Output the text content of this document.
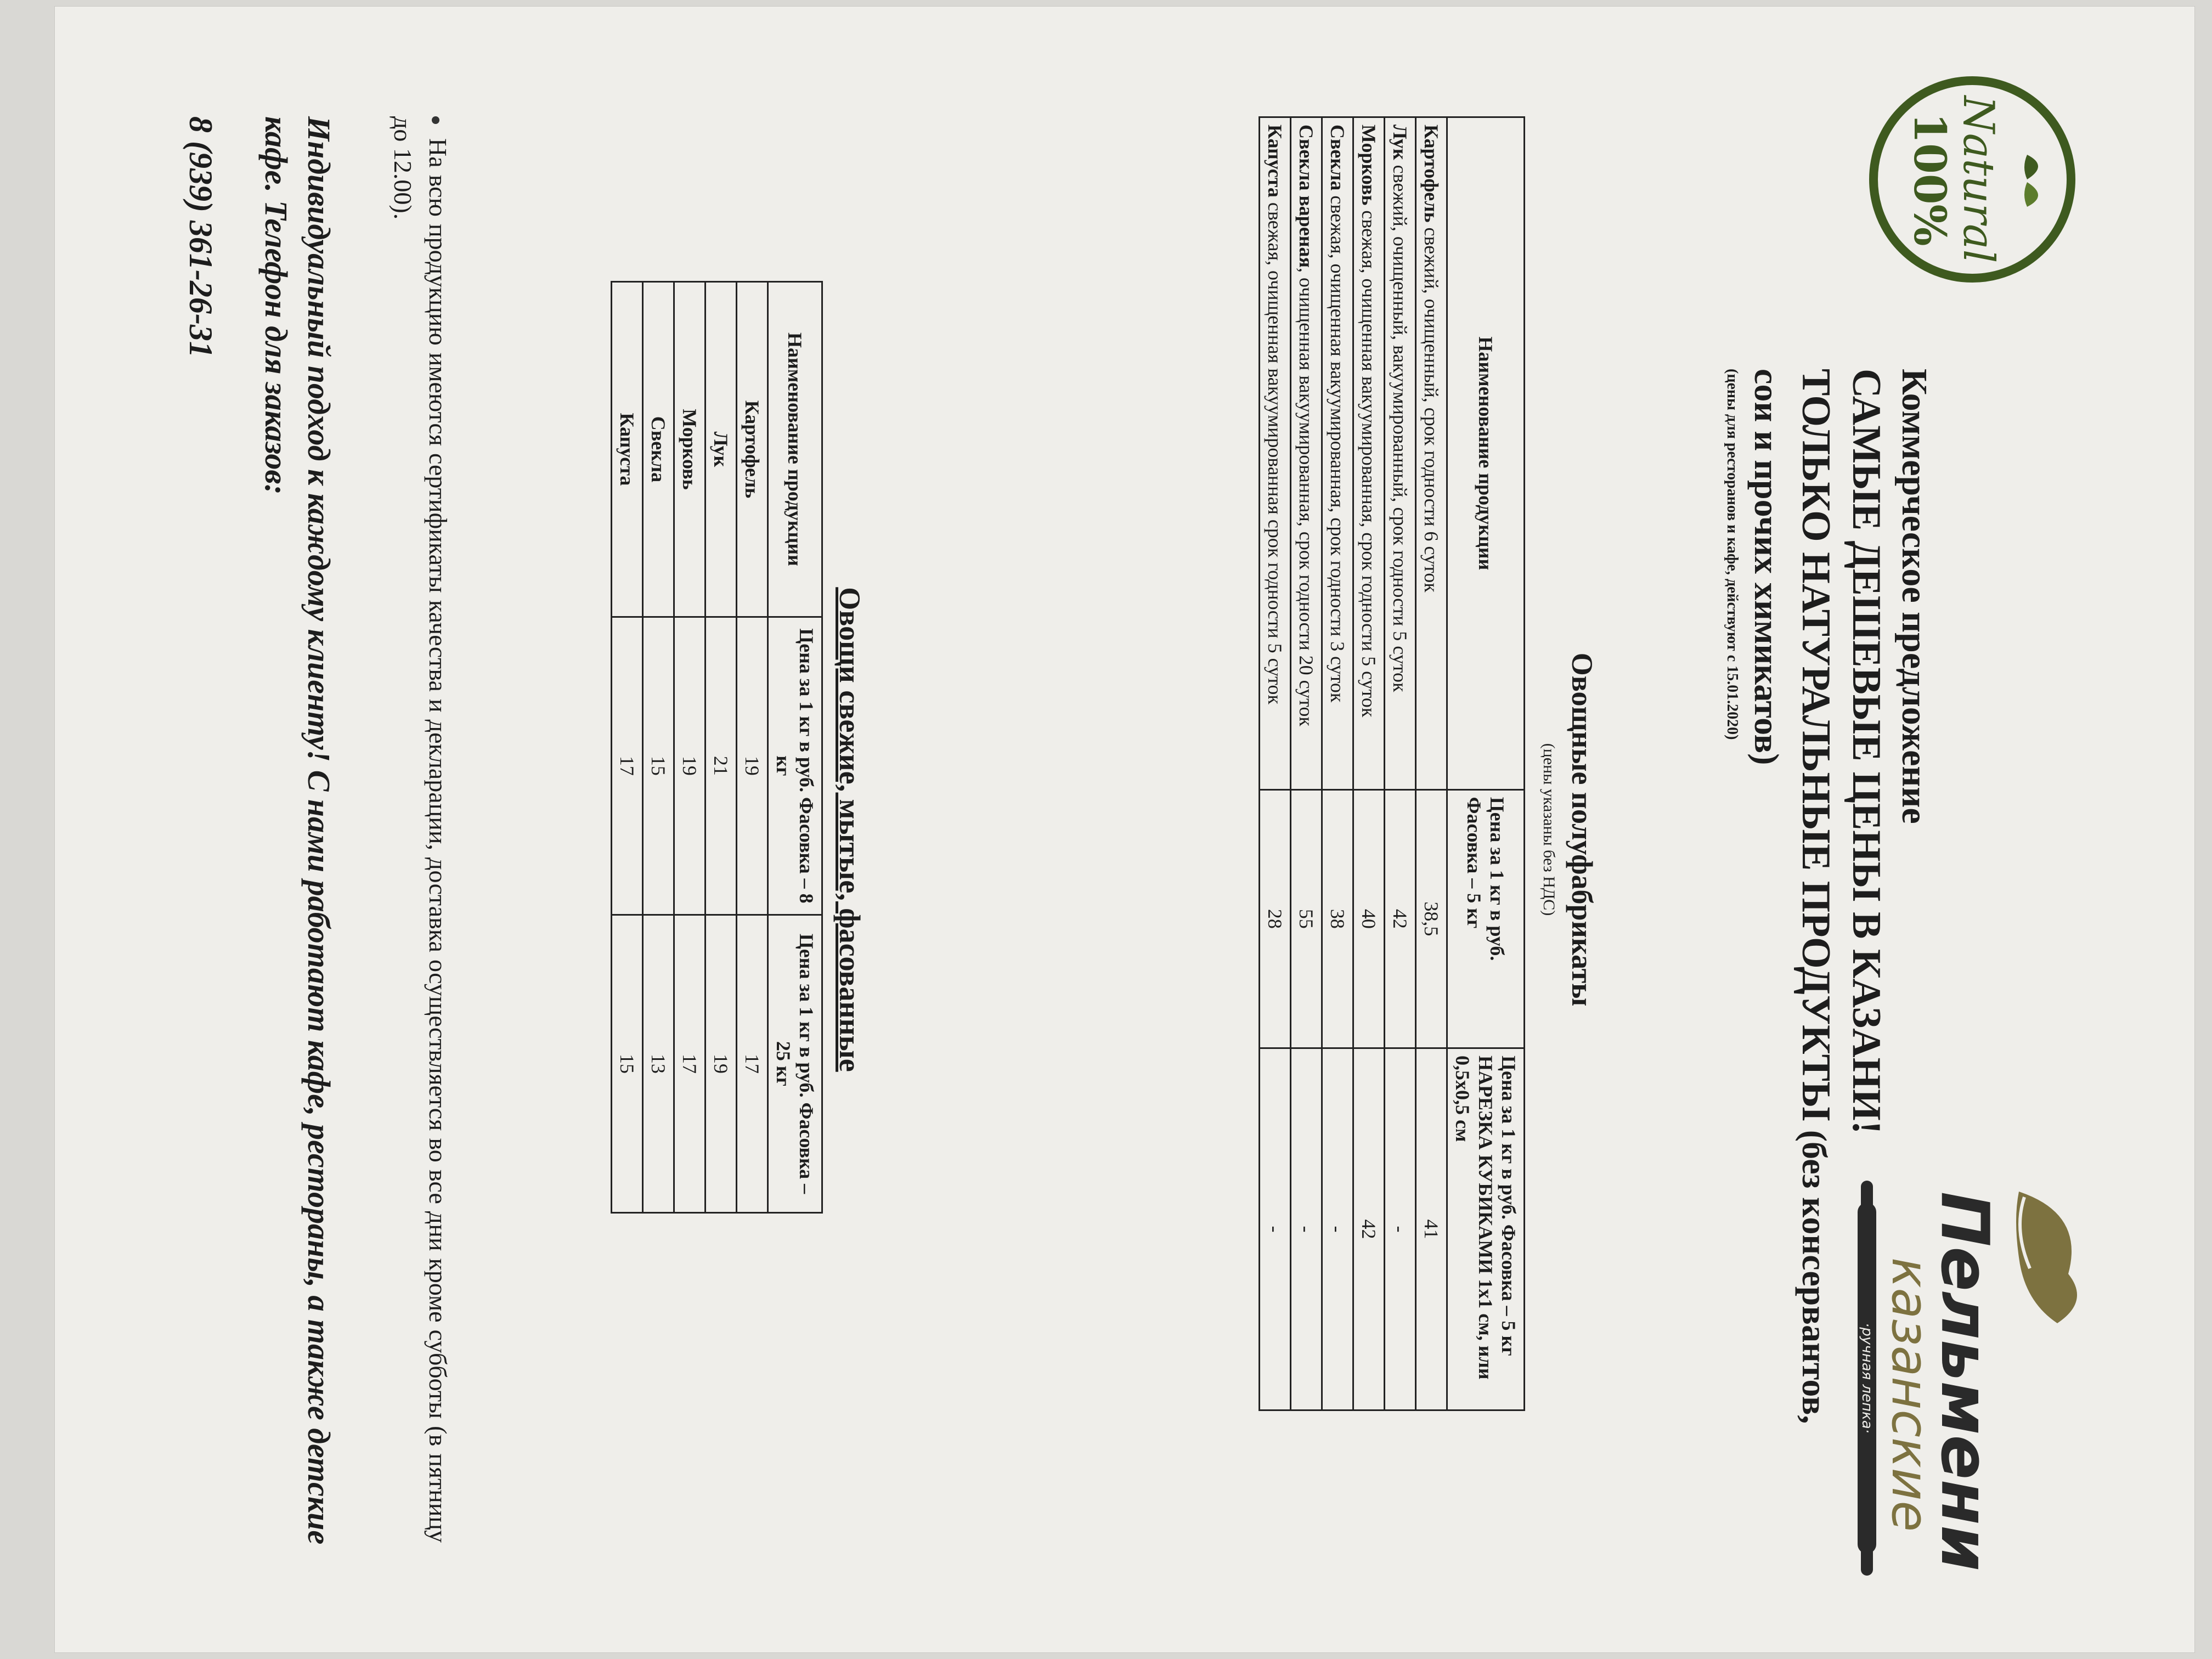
Natural
100%
Пельмени
казанские
·ручная лепка·
Коммерческое предложение
САМЫЕ ДЕШЕВЫЕ ЦЕНЫ В КАЗАНИ!
ТОЛЬКО НАТУРАЛЬНЫЕ ПРОДУКТЫ (без консервантов,
сои и прочих химикатов)
(цены для ресторанов и кафе, действуют с 15.01.2020)
Овощные полуфабрикаты
(цены указаны без НДС)
Наименование продукции	Цена за 1 кг в руб. Фасовка – 5 кг	Цена за 1 кг в руб. Фасовка – 5 кг НАРЕЗКА КУБИКАМИ 1х1 см, или 0,5х0,5 см
Картофель свежий, очищенный, срок годности 6 суток	38,5	41
Лук свежий, очищенный, вакуумированный, срок годности 5 суток	42	-
Морковь свежая, очищенная вакуумированная, срок годности 5 суток	40	42
Свекла свежая, очищенная вакуумированная, срок годности 3 суток	38	-
Свекла вареная, очищенная вакуумированная, срок годности 20 суток	55	-
Капуста свежая, очищенная вакуумированная срок годности 5 суток	28	-
Овощи свежие, мытые, фасованные
Наименование продукции	Цена за 1 кг в руб. Фасовка – 8 кг	Цена за 1 кг в руб. Фасовка – 25 кг
Картофель	19	17
Лук	21	19
Морковь	19	17
Свекла	15	13
Капуста	17	15
На всю продукцию имеются сертификаты качества и декларации, доставка осуществляется во все дни кроме субботы (в пятницу до 12.00).
Индивидуальный подход к каждому клиенту! С нами работают кафе, рестораны, а также детские кафе. Телефон для заказов:
8 (939) 361-26-31
